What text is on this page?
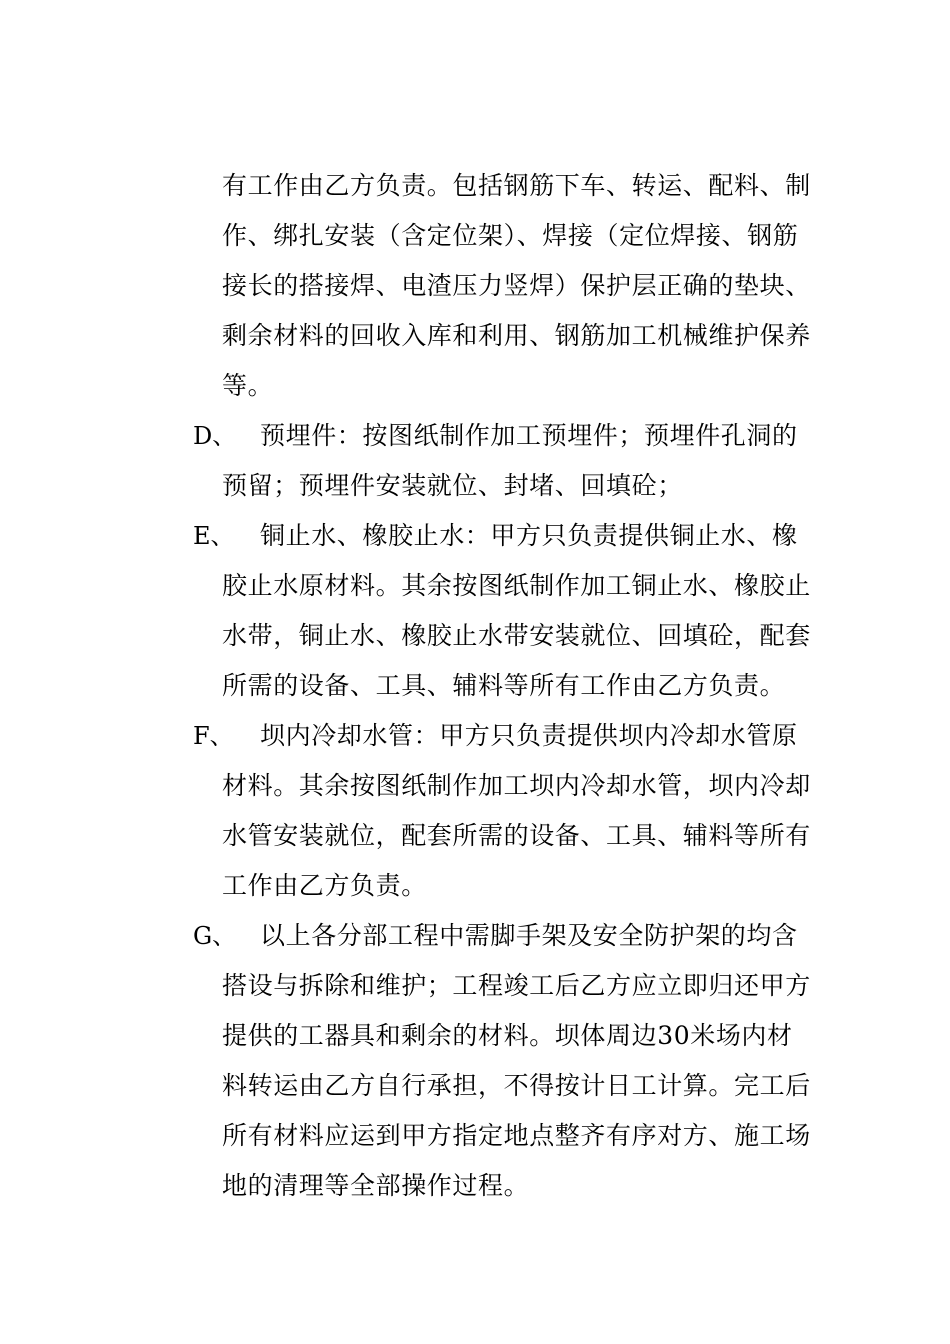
有工作由乙方负责。包括钢筋下车、转运、配料、制
作、绑扎安装（含定位架）、焊接（定位焊接、钢筋
接长的搭接焊、电渣压力竖焊）保护层正确的垫块、
剩余材料的回收入库和利用、钢筋加工机械维护保养
等。
D、 预埋件：按图纸制作加工预埋件；预埋件孔洞的
预留；预埋件安装就位、封堵、回填砼；
E、 铜止水、橡胶止水：甲方只负责提供铜止水、橡
胶止水原材料。其余按图纸制作加工铜止水、橡胶止
水带，铜止水、橡胶止水带安装就位、回填砼，配套
所需的设备、工具、辅料等所有工作由乙方负责。
F、 坝内冷却水管：甲方只负责提供坝内冷却水管原
材料。其余按图纸制作加工坝内冷却水管，坝内冷却
水管安装就位，配套所需的设备、工具、辅料等所有
工作由乙方负责。
G、 以上各分部工程中需脚手架及安全防护架的均含
搭设与拆除和维护；工程竣工后乙方应立即归还甲方
提供的工器具和剩余的材料。坝体周边30米场内材
料转运由乙方自行承担，不得按计日工计算。完工后
所有材料应运到甲方指定地点整齐有序对方、施工场
地的清理等全部操作过程。
